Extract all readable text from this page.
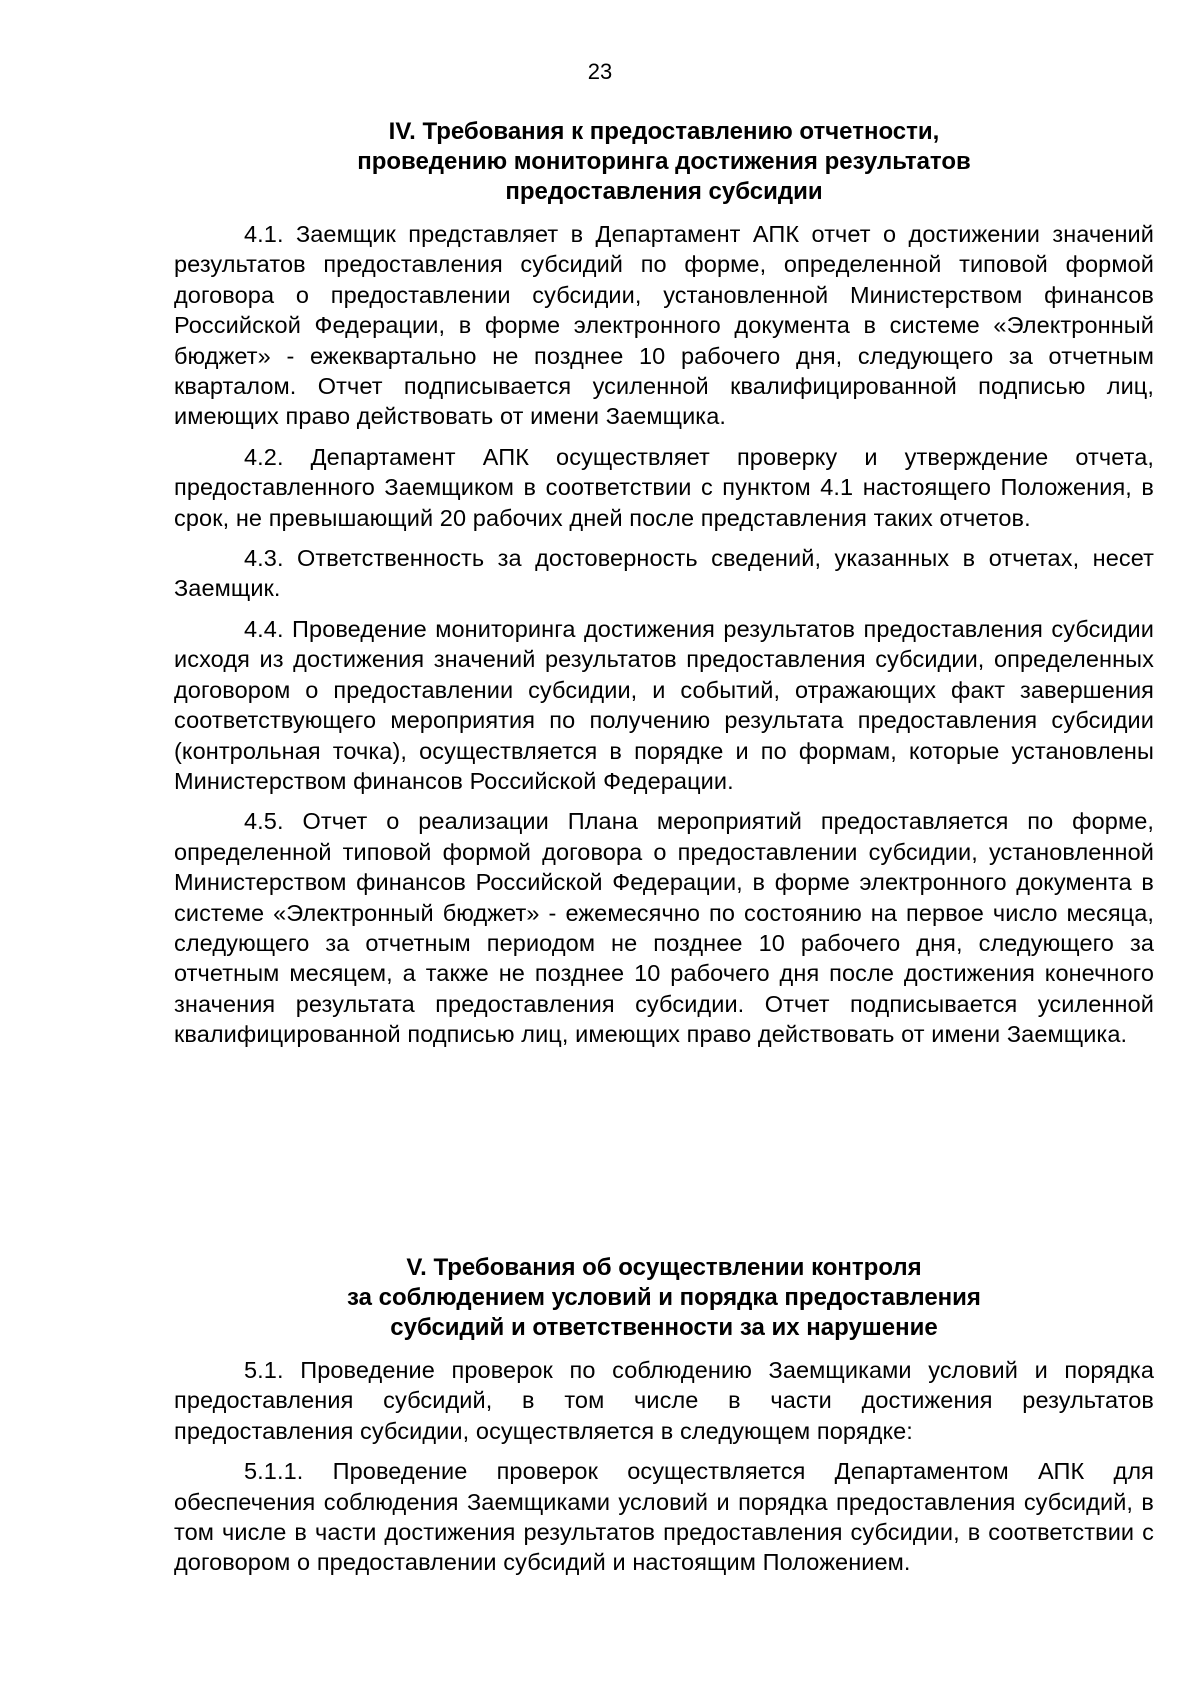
23
IV. Требования к предоставлению отчетности,
проведению мониторинга достижения результатов
предоставления субсидии

4.1. Заемщик представляет в Департамент АПК отчет о достижении значений результатов предоставления субсидий по форме, определенной типовой формой договора о предоставлении субсидии, установленной Министерством финансов Российской Федерации, в форме электронного документа в системе «Электронный бюджет» - ежеквартально не позднее 10 рабочего дня, следующего за отчетным кварталом. Отчет подписывается усиленной квалифицированной подписью лиц, имеющих право действовать от имени Заемщика.

4.2. Департамент АПК осуществляет проверку и утверждение отчета, предоставленного Заемщиком в соответствии с пунктом 4.1 настоящего Положения, в срок, не превышающий 20 рабочих дней после представления таких отчетов.

4.3. Ответственность за достоверность сведений, указанных в отчетах, несет Заемщик.

4.4. Проведение мониторинга достижения результатов предоставления субсидии исходя из достижения значений результатов предоставления субсидии, определенных договором о предоставлении субсидии, и событий, отражающих факт завершения соответствующего мероприятия по получению результата предоставления субсидии (контрольная точка), осуществляется в порядке и по формам, которые установлены Министерством финансов Российской Федерации.

4.5. Отчет о реализации Плана мероприятий предоставляется по форме, определенной типовой формой договора о предоставлении субсидии, установленной Министерством финансов Российской Федерации, в форме электронного документа в системе «Электронный бюджет» - ежемесячно по состоянию на первое число месяца, следующего за отчетным периодом не позднее 10 рабочего дня, следующего за отчетным месяцем, а также не позднее 10 рабочего дня после достижения конечного значения результата предоставления субсидии. Отчет подписывается усиленной квалифицированной подписью лиц, имеющих право действовать от имени Заемщика.

V. Требования об осуществлении контроля
за соблюдением условий и порядка предоставления
субсидий и ответственности за их нарушение

5.1. Проведение проверок по соблюдению Заемщиками условий и порядка предоставления субсидий, в том числе в части достижения результатов предоставления субсидии, осуществляется в следующем порядке:

5.1.1. Проведение проверок осуществляется Департаментом АПК для обеспечения соблюдения Заемщиками условий и порядка предоставления субсидий, в том числе в части достижения результатов предоставления субсидии, в соответствии с договором о предоставлении субсидий и настоящим Положением.
